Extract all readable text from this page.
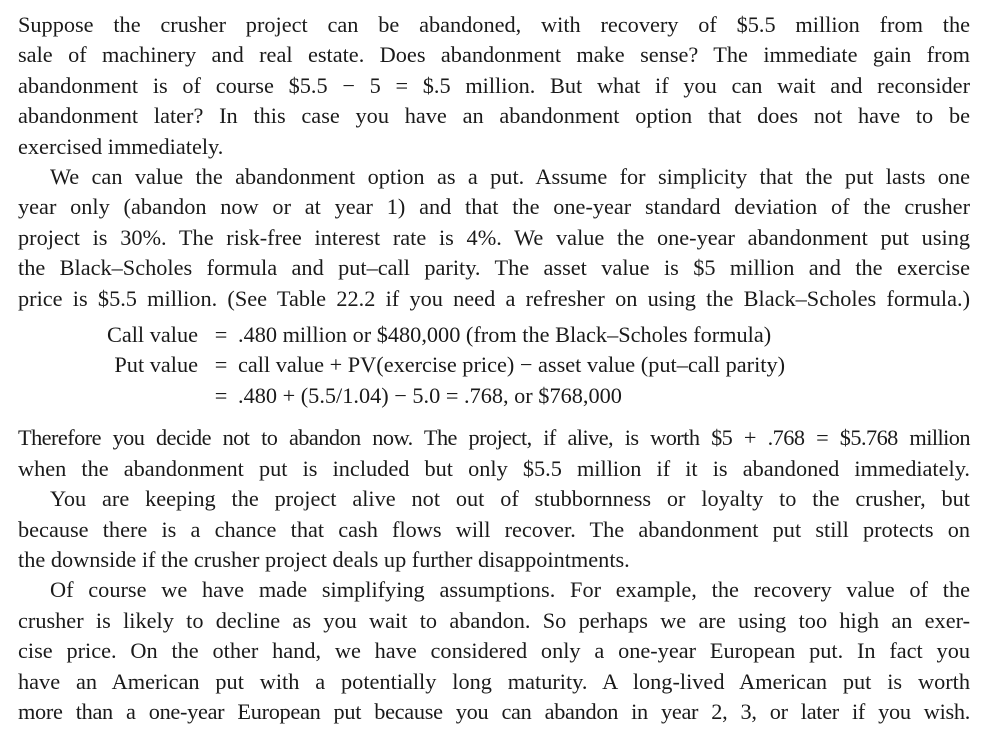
Suppose the crusher project can be abandoned, with recovery of $5.5 million from the
sale of machinery and real estate. Does abandonment make sense? The immediate gain from
abandonment is of course $5.5 − 5 = $.5 million. But what if you can wait and reconsider
abandonment later? In this case you have an abandonment option that does not have to be
exercised immediately.

We can value the abandonment option as a put. Assume for simplicity that the put lasts one
year only (abandon now or at year 1) and that the one-year standard deviation of the crusher
project is 30%. The risk-free interest rate is 4%. We value the one-year abandonment put using
the Black–Scholes formula and put–call parity. The asset value is $5 million and the exercise
price is $5.5 million. (See Table 22.2 if you need a refresher on using the Black–Scholes formula.)

Call value = .480 million or $480,000 (from the Black–Scholes formula)
Put value = call value + PV(exercise price) − asset value (put–call parity)
= .480 + (5.5/1.04) − 5.0 = .768, or $768,000

Therefore you decide not to abandon now. The project, if alive, is worth $5 + .768 = $5.768 million
when the abandonment put is included but only $5.5 million if it is abandoned immediately.

You are keeping the project alive not out of stubbornness or loyalty to the crusher, but
because there is a chance that cash flows will recover. The abandonment put still protects on
the downside if the crusher project deals up further disappointments.

Of course we have made simplifying assumptions. For example, the recovery value of the
crusher is likely to decline as you wait to abandon. So perhaps we are using too high an exer-
cise price. On the other hand, we have considered only a one-year European put. In fact you
have an American put with a potentially long maturity. A long-lived American put is worth
more than a one-year European put because you can abandon in year 2, 3, or later if you wish.
